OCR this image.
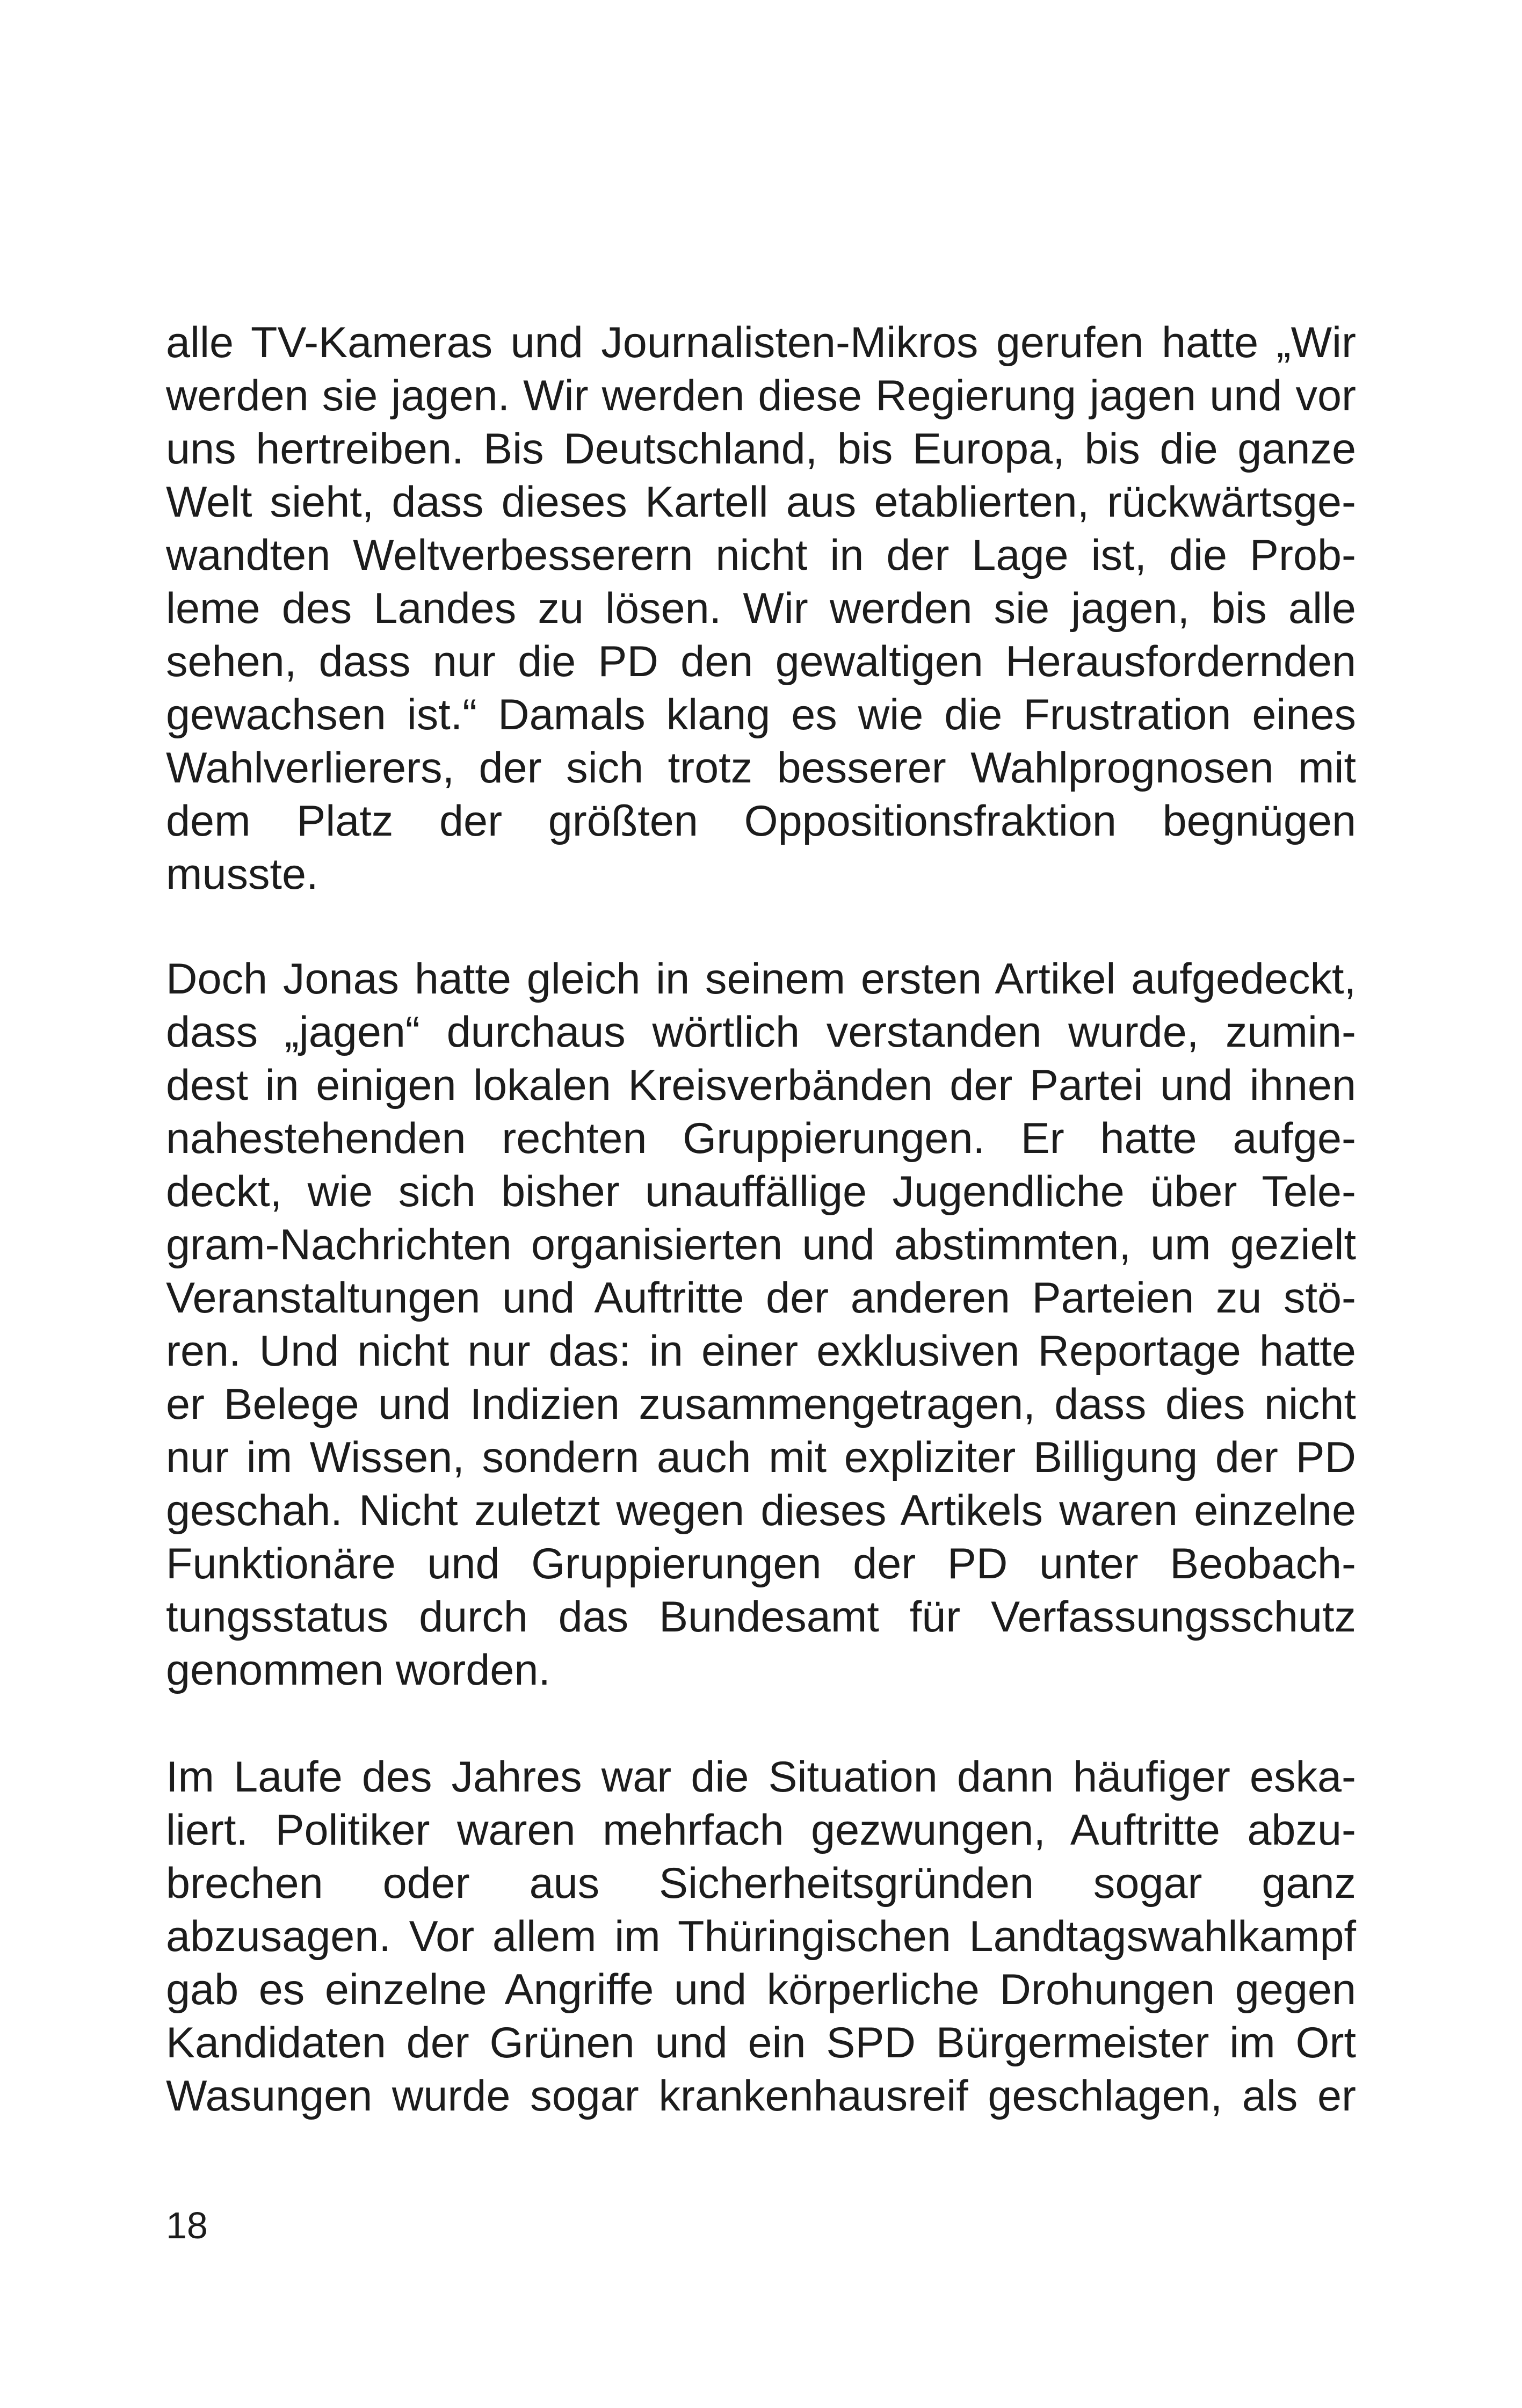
alle TV-Kameras und Journalisten-Mikros gerufen hatte „Wir
werden sie jagen. Wir werden diese Regierung jagen und vor
uns hertreiben. Bis Deutschland, bis Europa, bis die ganze
Welt sieht, dass dieses Kartell aus etablierten, rückwärtsge-
wandten Weltverbesserern nicht in der Lage ist, die Prob-
leme des Landes zu lösen. Wir werden sie jagen, bis alle
sehen, dass nur die PD den gewaltigen Herausfordernden
gewachsen ist.“ Damals klang es wie die Frustration eines
Wahlverlierers, der sich trotz besserer Wahlprognosen mit
dem Platz der größten Oppositionsfraktion begnügen
musste.
Doch Jonas hatte gleich in seinem ersten Artikel aufgedeckt,
dass „jagen“ durchaus wörtlich verstanden wurde, zumin-
dest in einigen lokalen Kreisverbänden der Partei und ihnen
nahestehenden rechten Gruppierungen. Er hatte aufge-
deckt, wie sich bisher unauffällige Jugendliche über Tele-
gram-Nachrichten organisierten und abstimmten, um gezielt
Veranstaltungen und Auftritte der anderen Parteien zu stö-
ren. Und nicht nur das: in einer exklusiven Reportage hatte
er Belege und Indizien zusammengetragen, dass dies nicht
nur im Wissen, sondern auch mit expliziter Billigung der PD
geschah. Nicht zuletzt wegen dieses Artikels waren einzelne
Funktionäre und Gruppierungen der PD unter Beobach-
tungsstatus durch das Bundesamt für Verfassungsschutz
genommen worden.
Im Laufe des Jahres war die Situation dann häufiger eska-
liert. Politiker waren mehrfach gezwungen, Auftritte abzu-
brechen oder aus Sicherheitsgründen sogar ganz
abzusagen. Vor allem im Thüringischen Landtagswahlkampf
gab es einzelne Angriffe und körperliche Drohungen gegen
Kandidaten der Grünen und ein SPD Bürgermeister im Ort
Wasungen wurde sogar krankenhausreif geschlagen, als er
18
